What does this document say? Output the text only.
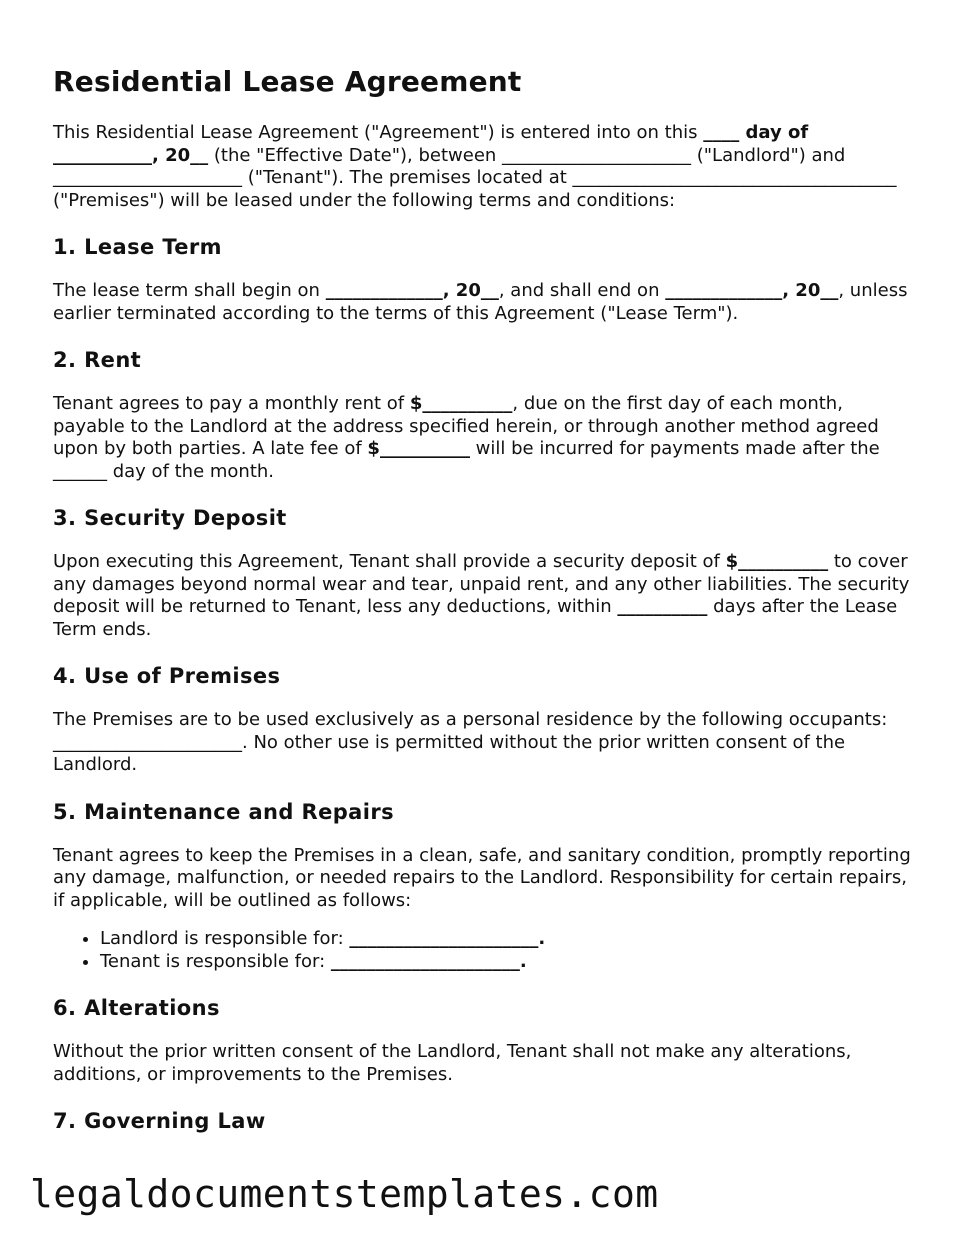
Residential Lease Agreement

This Residential Lease Agreement ("Agreement") is entered into on this ____ day of ___________, 20__ (the "Effective Date"), between _____________________ ("Landlord") and _____________________ ("Tenant"). The premises located at ____________________________________ ("Premises") will be leased under the following terms and conditions:

1. Lease Term

The lease term shall begin on _____________, 20__, and shall end on _____________, 20__, unless earlier terminated according to the terms of this Agreement ("Lease Term").

2. Rent

Tenant agrees to pay a monthly rent of $__________, due on the first day of each month, payable to the Landlord at the address specified herein, or through another method agreed upon by both parties. A late fee of $__________ will be incurred for payments made after the ______ day of the month.

3. Security Deposit

Upon executing this Agreement, Tenant shall provide a security deposit of $__________ to cover any damages beyond normal wear and tear, unpaid rent, and any other liabilities. The security deposit will be returned to Tenant, less any deductions, within __________ days after the Lease Term ends.

4. Use of Premises

The Premises are to be used exclusively as a personal residence by the following occupants: _____________________. No other use is permitted without the prior written consent of the Landlord.

5. Maintenance and Repairs

Tenant agrees to keep the Premises in a clean, safe, and sanitary condition, promptly reporting any damage, malfunction, or needed repairs to the Landlord. Responsibility for certain repairs, if applicable, will be outlined as follows:

• Landlord is responsible for: _____________________.
• Tenant is responsible for: _____________________.
6. Alterations

Without the prior written consent of the Landlord, Tenant shall not make any alterations, additions, or improvements to the Premises.

7. Governing Law
legaldocumentstemplates.com
